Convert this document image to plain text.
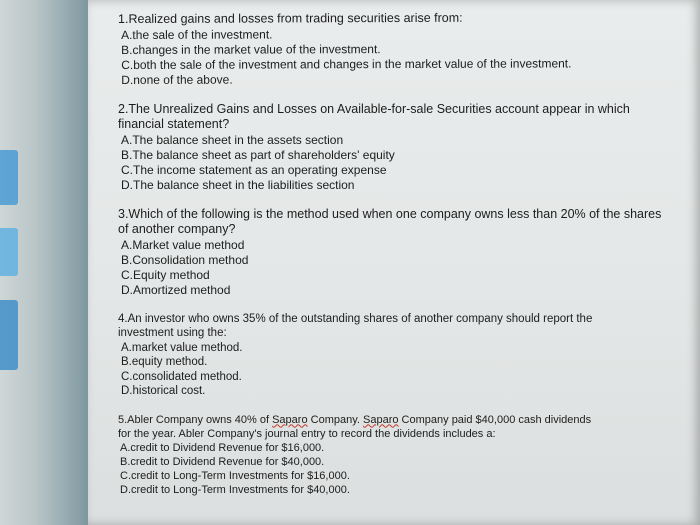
1.Realized gains and losses from trading securities arise from:

A.the sale of the investment.

B.changes in the market value of the investment.

C.both the sale of the investment and changes in the market value of the investment.

D.none of the above.

2.The Unrealized Gains and Losses on Available-for-sale Securities account appear in which

financial statement?

A.The balance sheet in the assets section

B.The balance sheet as part of shareholders' equity

C.The income statement as an operating expense

D.The balance sheet in the liabilities section

3.Which of the following is the method used when one company owns less than 20% of the shares

of another company?

A.Market value method

B.Consolidation method

C.Equity method

D.Amortized method

4.An investor who owns 35% of the outstanding shares of another company should report the

investment using the:

A.market value method.

B.equity method.

C.consolidated method.

D.historical cost.

5.Abler Company owns 40% of Saparo Company. Saparo Company paid $40,000 cash dividends

for the year. Abler Company's journal entry to record the dividends includes a:

A.credit to Dividend Revenue for $16,000.

B.credit to Dividend Revenue for $40,000.

C.credit to Long-Term Investments for $16,000.

D.credit to Long-Term Investments for $40,000.
